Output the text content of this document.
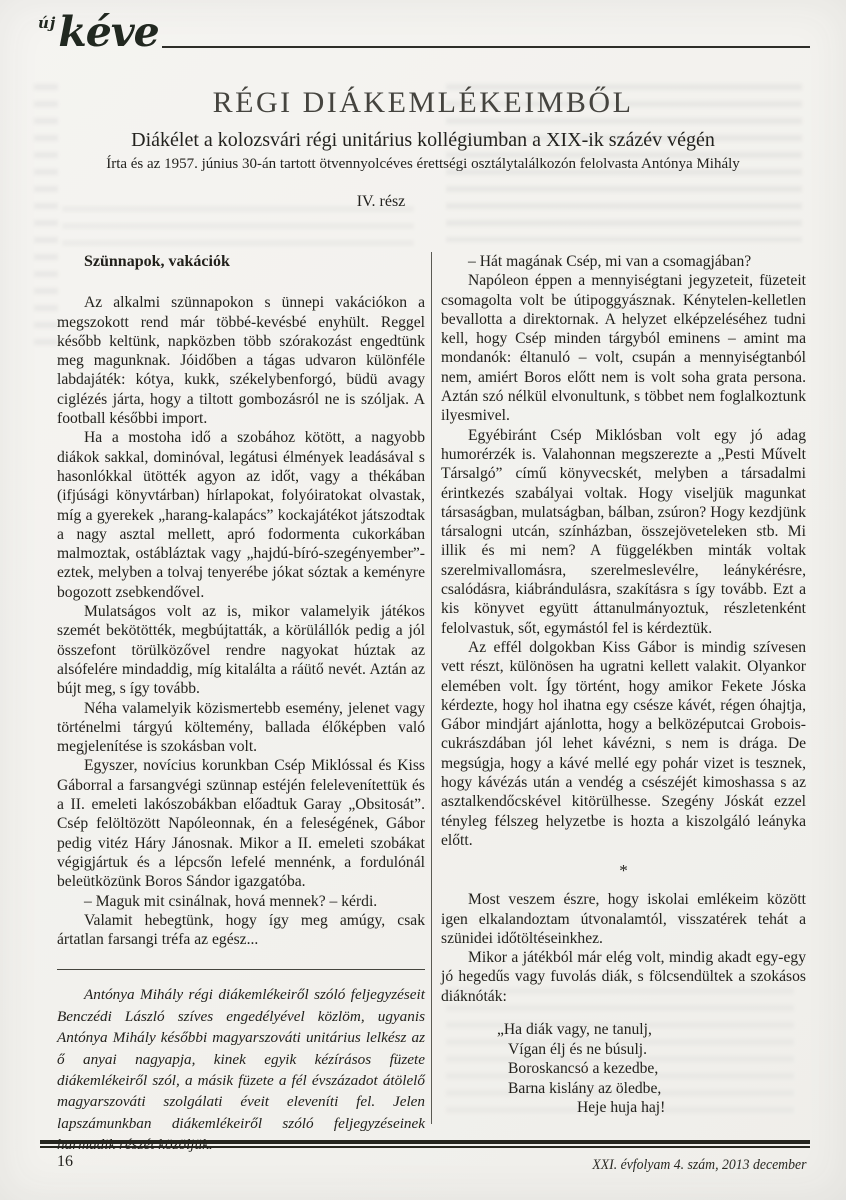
újkéve
RÉGI DIÁKEMLÉKEIMBŐL
Diákélet a kolozsvári régi unitárius kollégiumban a XIX-ik százév végén
Írta és az 1957. június 30-án tartott ötvennyolcéves érettségi osztálytalálkozón felolvasta Antónya Mihály
IV. rész
Szünnapok, vakációk

Az alkalmi szünnapokon s ünnepi vakációkon a megszokott rend már többé-kevésbé enyhült. Reggel később keltünk, napközben több szórakozást engedtünk meg magunknak. Jóidőben a tágas udvaron különféle labdajáték: kótya, kukk, székelybenforgó, büdü avagy ciglézés járta, hogy a tiltott gombozásról ne is szóljak. A football későbbi import.

Ha a mostoha idő a szobához kötött, a nagyobb diákok sakkal, dominóval, legátusi élmények leadásával s hasonlókkal ütötték agyon az időt, vagy a thékában (ifjúsági könyvtárban) hírlapokat, folyóiratokat olvastak, míg a gyerekek „harang-kalapács” kockajátékot játszodtak a nagy asztal mellett, apró fodormenta cukorkában malmoztak, ostábláztak vagy „hajdú-bíró-szegényember”-eztek, melyben a tolvaj tenyerébe jókat sóztak a keményre bogozott zsebkendővel.

Mulatságos volt az is, mikor valamelyik játékos szemét bekötötték, megbújtatták, a körülállók pedig a jól összefont törülközővel rendre nagyokat húztak az alsófelére mindaddig, míg kitalálta a ráütő nevét. Aztán az bújt meg, s így tovább.

Néha valamelyik közismertebb esemény, jelenet vagy történelmi tárgyú költemény, ballada élőképben való megjelenítése is szokásban volt.

Egyszer, novícius korunkban Csép Miklóssal és Kiss Gáborral a farsangvégi szünnap estéjén felelevenítettük és a II. emeleti lakószobákban előadtuk Garay „Obsitosát”. Csép felöltözött Napóleonnak, én a feleségének, Gábor pedig vitéz Háry Jánosnak. Mikor a II. emeleti szobákat végigjártuk és a lépcsőn lefelé mennénk, a fordulónál beleütközünk Boros Sándor igazgatóba.

– Maguk mit csinálnak, hová mennek? – kérdi.

Valamit hebegtünk, hogy így meg amúgy, csak ártatlan farsangi tréfa az egész...

Antónya Mihály régi diákemlékeiről szóló feljegyzéseit Benczédi László szíves engedélyével közlöm, ugyanis Antónya Mihály későbbi magyarszováti unitárius lelkész az ő anyai nagyapja, kinek egyik kézírásos füzete diákemlékeiről szól, a másik füzete a fél évszázadot átölelő magyarszováti szolgálati éveit eleveníti fel. Jelen lapszámunkban diákemlékeiről szóló feljegyzéseinek harmadik részét közöljük.

– Hát magának Csép, mi van a csomagjában?

Napóleon éppen a mennyiségtani jegyzeteit, füzeteit csomagolta volt be útipoggyásznak. Kénytelen-kelletlen bevallotta a direktornak. A helyzet elképzeléséhez tudni kell, hogy Csép minden tárgyból eminens – amint ma mondanók: éltanuló – volt, csupán a mennyiségtanból nem, amiért Boros előtt nem is volt soha grata persona. Aztán szó nélkül elvonultunk, s többet nem foglalkoztunk ilyesmivel.

Egyébiránt Csép Miklósban volt egy jó adag humorérzék is. Valahonnan megszerezte a „Pesti Művelt Társalgó” című könyvecskét, melyben a társadalmi érintkezés szabályai voltak. Hogy viseljük magunkat társaságban, mulatságban, bálban, zsúron? Hogy kezdjünk társalogni utcán, színházban, összejöveteleken stb. Mi illik és mi nem? A függelékben minták voltak szerelmivallomásra, szerelmeslevélre, leánykérésre, csalódásra, kiábrándulásra, szakításra s így tovább. Ezt a kis könyvet együtt áttanulmányoztuk, részletenként felolvastuk, sőt, egymástól fel is kérdeztük.

Az effél dolgokban Kiss Gábor is mindig szívesen vett részt, különösen ha ugratni kellett valakit. Olyankor elemében volt. Így történt, hogy amikor Fekete Jóska kérdezte, hogy hol ihatna egy csésze kávét, régen óhajtja, Gábor mindjárt ajánlotta, hogy a belközéputcai Grobois-cukrászdában jól lehet kávézni, s nem is drága. De megsúgja, hogy a kávé mellé egy pohár vizet is tesznek, hogy kávézás után a vendég a csészéjét kimoshassa s az asztalkendőcskével kitörülhesse. Szegény Jóskát ezzel tényleg félszeg helyzetbe is hozta a kiszolgáló leányka előtt.

*

Most veszem észre, hogy iskolai emlékeim között igen elkalandoztam útvonalamtól, visszatérek tehát a szünidei időtöltéseinkhez.

Mikor a játékból már elég volt, mindig akadt egy-egy jó hegedűs vagy fuvolás diák, s fölcsendültek a szokásos diáknóták:

„Ha diák vagy, ne tanulj,
Vígan élj és ne búsulj.
Boroskancsó a kezedbe,
Barna kislány az öledbe,
Heje huja haj!
16	XXI. évfolyam 4. szám, 2013 december
